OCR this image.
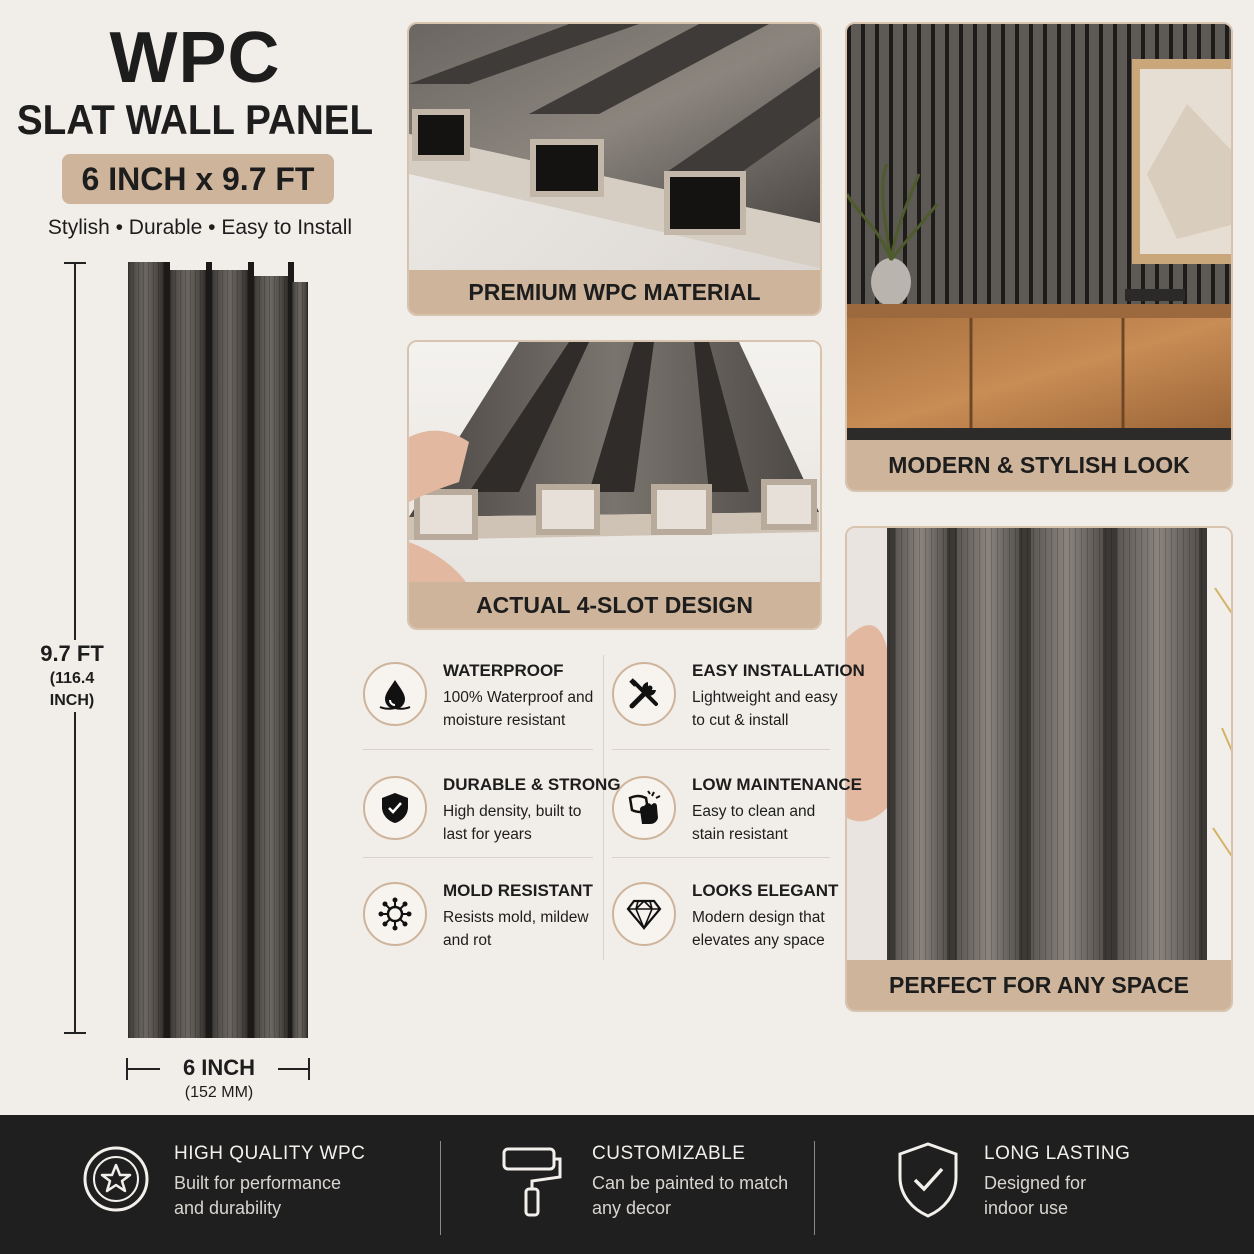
WPC
SLAT WALL PANEL
6 INCH x 9.7 FT
Stylish • Durable • Easy to Install
9.7 FT
(116.4 INCH)
6 INCH
(152 MM)
PREMIUM WPC MATERIAL
ACTUAL 4-SLOT DESIGN
MODERN & STYLISH LOOK
PERFECT FOR ANY SPACE
WATERPROOF
100% Waterproof and moisture resistant
EASY INSTALLATION
Lightweight and easy to cut & install
DURABLE & STRONG
High density, built to last for years
LOW MAINTENANCE
Easy to clean and stain resistant
MOLD RESISTANT
Resists mold, mildew and rot
LOOKS ELEGANT
Modern design that elevates any space
HIGH QUALITY WPC
Built for performance and durability
CUSTOMIZABLE
Can be painted to match any decor
LONG LASTING
Designed for indoor use
